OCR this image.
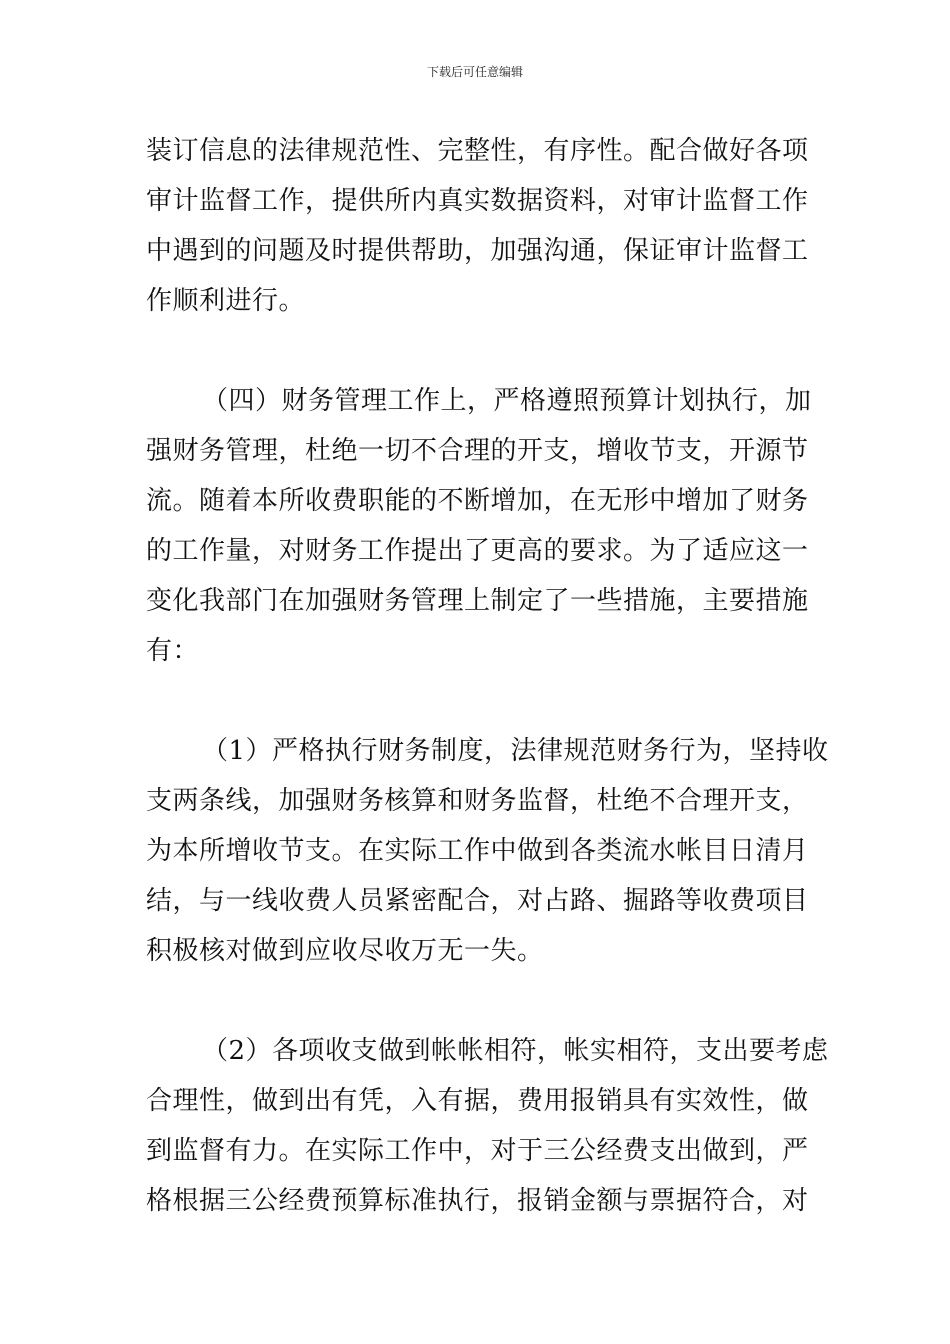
下载后可任意编辑
装订信息的法律规范性、完整性，有序性。配合做好各项
审计监督工作，提供所内真实数据资料，对审计监督工作
中遇到的问题及时提供帮助，加强沟通，保证审计监督工
作顺利进行。
（四）财务管理工作上，严格遵照预算计划执行，加
强财务管理，杜绝一切不合理的开支，增收节支，开源节
流。随着本所收费职能的不断增加，在无形中增加了财务
的工作量，对财务工作提出了更高的要求。为了适应这一
变化我部门在加强财务管理上制定了一些措施，主要措施
有：
（1）严格执行财务制度，法律规范财务行为，坚持收
支两条线，加强财务核算和财务监督，杜绝不合理开支，
为本所增收节支。在实际工作中做到各类流水帐目日清月
结，与一线收费人员紧密配合，对占路、掘路等收费项目
积极核对做到应收尽收万无一失。
（2）各项收支做到帐帐相符，帐实相符，支出要考虑
合理性，做到出有凭，入有据，费用报销具有实效性，做
到监督有力。在实际工作中，对于三公经费支出做到，严
格根据三公经费预算标准执行，报销金额与票据符合，对
